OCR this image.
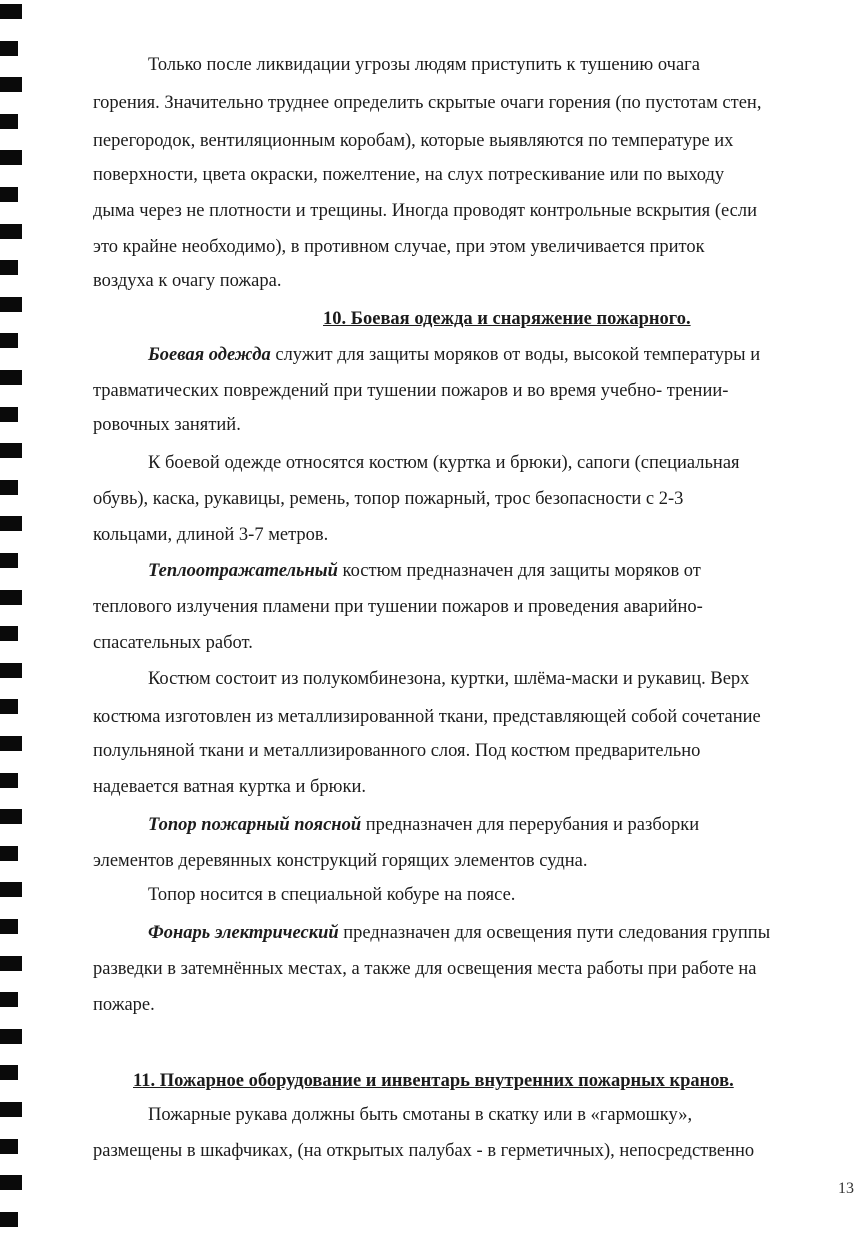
Только после ликвидации угрозы людям приступить к тушению очага

горения. Значительно труднее определить скрытые очаги горения (по пустотам стен,

перегородок, вентиляционным коробам), которые выявляются по температуре их

поверхности, цвета окраски, пожелтение, на слух потрескивание или по выходу

дыма через не плотности и трещины. Иногда проводят контрольные вскрытия (если

это крайне необходимо), в противном случае, при этом увеличивается приток

воздуха к очагу пожара.

10. Боевая одежда и снаряжение пожарного.

Боевая одежда служит для защиты моряков от воды, высокой температуры и

травматических повреждений при тушении пожаров и во время учебно- трении-

ровочных занятий.

К боевой одежде относятся костюм (куртка и брюки), сапоги (специальная

обувь), каска, рукавицы, ремень, топор пожарный, трос безопасности с 2-3

кольцами, длиной 3-7 метров.

Теплоотражательный костюм предназначен для защиты моряков от

теплового излучения пламени при тушении пожаров и проведения аварийно-

спасательных работ.

Костюм состоит из полукомбинезона, куртки, шлёма-маски и рукавиц. Верх

костюма изготовлен из металлизированной ткани, представляющей собой сочетание

полульняной ткани и металлизированного слоя. Под костюм предварительно

надевается ватная куртка и брюки.

Топор пожарный поясной предназначен для перерубания и разборки

элементов деревянных конструкций горящих элементов судна.

Топор носится в специальной кобуре на поясе.

Фонарь электрический предназначен для освещения пути следования группы

разведки в затемнённых местах, а также для освещения места работы при работе на

пожаре.

11. Пожарное оборудование и инвентарь внутренних пожарных кранов.

Пожарные рукава должны быть смотаны в скатку или в «гармошку»,

размещены в шкафчиках, (на открытых палубах - в герметичных), непосредственно

13
